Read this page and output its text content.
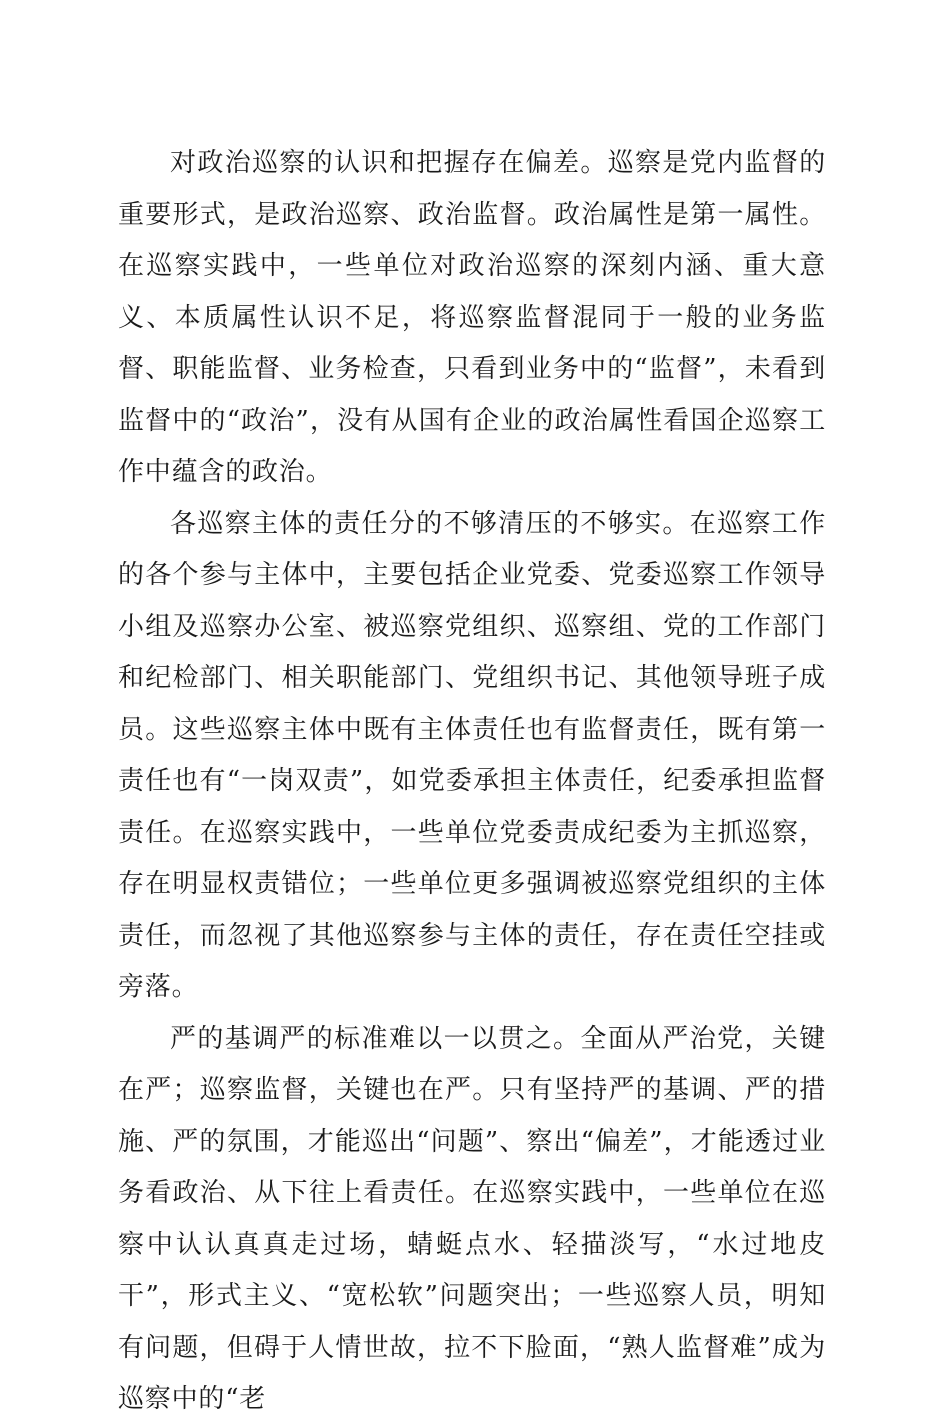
对政治巡察的认识和把握存在偏差。巡察是党内监督的重要形式，是政治巡察、政治监督。政治属性是第一属性。在巡察实践中，一些单位对政治巡察的深刻内涵、重大意义、本质属性认识不足，将巡察监督混同于一般的业务监督、职能监督、业务检查，只看到业务中的“监督”，未看到监督中的“政治”，没有从国有企业的政治属性看国企巡察工作中蕴含的政治。

各巡察主体的责任分的不够清压的不够实。在巡察工作的各个参与主体中，主要包括企业党委、党委巡察工作领导小组及巡察办公室、被巡察党组织、巡察组、党的工作部门和纪检部门、相关职能部门、党组织书记、其他领导班子成员。这些巡察主体中既有主体责任也有监督责任，既有第一责任也有“一岗双责”，如党委承担主体责任，纪委承担监督责任。在巡察实践中，一些单位党委责成纪委为主抓巡察，存在明显权责错位；一些单位更多强调被巡察党组织的主体责任，而忽视了其他巡察参与主体的责任，存在责任空挂或旁落。

严的基调严的标准难以一以贯之。全面从严治党，关键在严；巡察监督，关键也在严。只有坚持严的基调、严的措施、严的氛围，才能巡出“问题”、察出“偏差”，才能透过业务看政治、从下往上看责任。在巡察实践中，一些单位在巡察中认认真真走过场，蜻蜓点水、轻描淡写，“水过地皮干”，形式主义、“宽松软”问题突出；一些巡察人员，明知有问题，但碍于人情世故，拉不下脸面，“熟人监督难”成为巡察中的“老
